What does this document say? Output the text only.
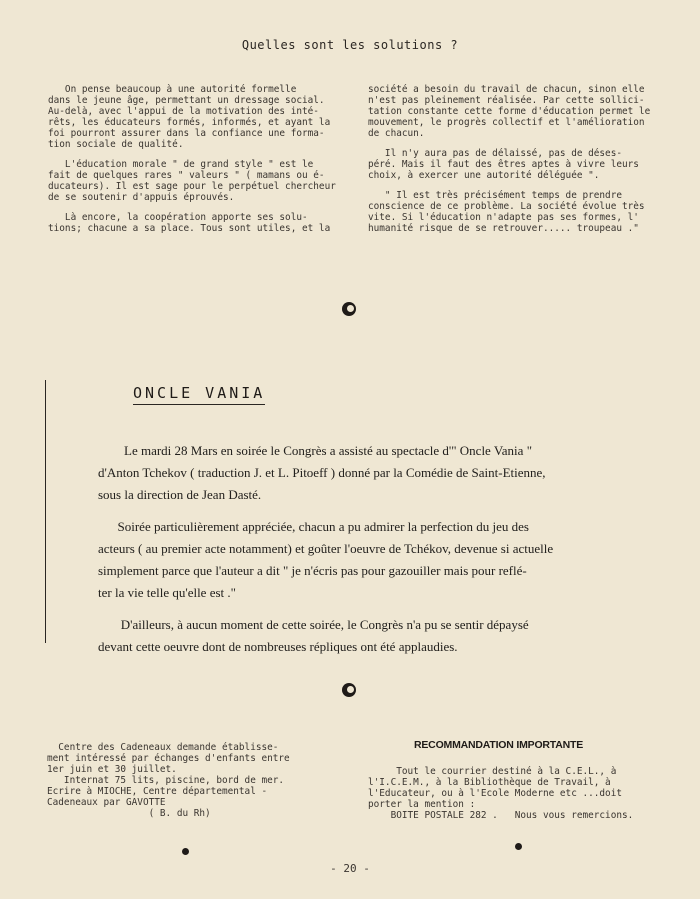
Quelles sont les solutions ?

On pense beaucoup à une autorité formelle

dans le jeune âge, permettant un dressage social.

Au-delà, avec l'appui de la motivation des inté-

rêts, les éducateurs formés, informés, et ayant la

foi pourront assurer dans la confiance une forma-

tion sociale de qualité.

L'éducation morale " de grand style " est le

fait de quelques rares " valeurs " ( mamans ou é-

ducateurs). Il est sage pour le perpétuel chercheur

de se soutenir d'appuis éprouvés.

Là encore, la coopération apporte ses solu-

tions; chacune a sa place. Tous sont utiles, et la

société a besoin du travail de chacun, sinon elle

n'est pas pleinement réalisée. Par cette sollici-

tation constante cette forme d'éducation permet le

mouvement, le progrès collectif et l'amélioration

de chacun.

Il n'y aura pas de délaissé, pas de déses-

péré. Mais il faut des êtres aptes à vivre leurs

choix, à exercer une autorité déléguée ".

" Il est très précisément temps de prendre

conscience de ce problème. La société évolue très

vite. Si l'éducation n'adapte pas ses formes, l'

humanité risque de se retrouver..... troupeau ."

ONCLE VANIA

Le mardi 28 Mars en soirée le Congrès a assisté au spectacle d'" Oncle Vania "

d'Anton Tchekov ( traduction J. et L. Pitoeff ) donné par la Comédie de Saint-Etienne,

sous la direction de Jean Dasté.

Soirée particulièrement appréciée, chacun a pu admirer la perfection du jeu des

acteurs ( au premier acte notamment) et goûter l'oeuvre de Tchékov, devenue si actuelle

simplement parce que l'auteur a dit " je n'écris pas pour gazouiller mais pour reflé-

ter la vie telle qu'elle est ."

D'ailleurs, à aucun moment de cette soirée, le Congrès n'a pu se sentir dépaysé

devant cette oeuvre dont de nombreuses répliques ont été applaudies.

Centre des Cadeneaux demande établisse-

ment intéressé par échanges d'enfants entre

1er juin et 30 juillet.

Internat 75 lits, piscine, bord de mer.

Ecrire à MIOCHE, Centre départemental -

Cadeneaux par GAVOTTE

( B. du Rh)

RECOMMANDATION IMPORTANTE

Tout le courrier destiné à la C.E.L., à

l'I.C.E.M., à la Bibliothèque de Travail, à

l'Educateur, ou à l'Ecole Moderne etc ...doit

porter la mention :

BOITE POSTALE 282 .   Nous vous remercions.

- 20 -
